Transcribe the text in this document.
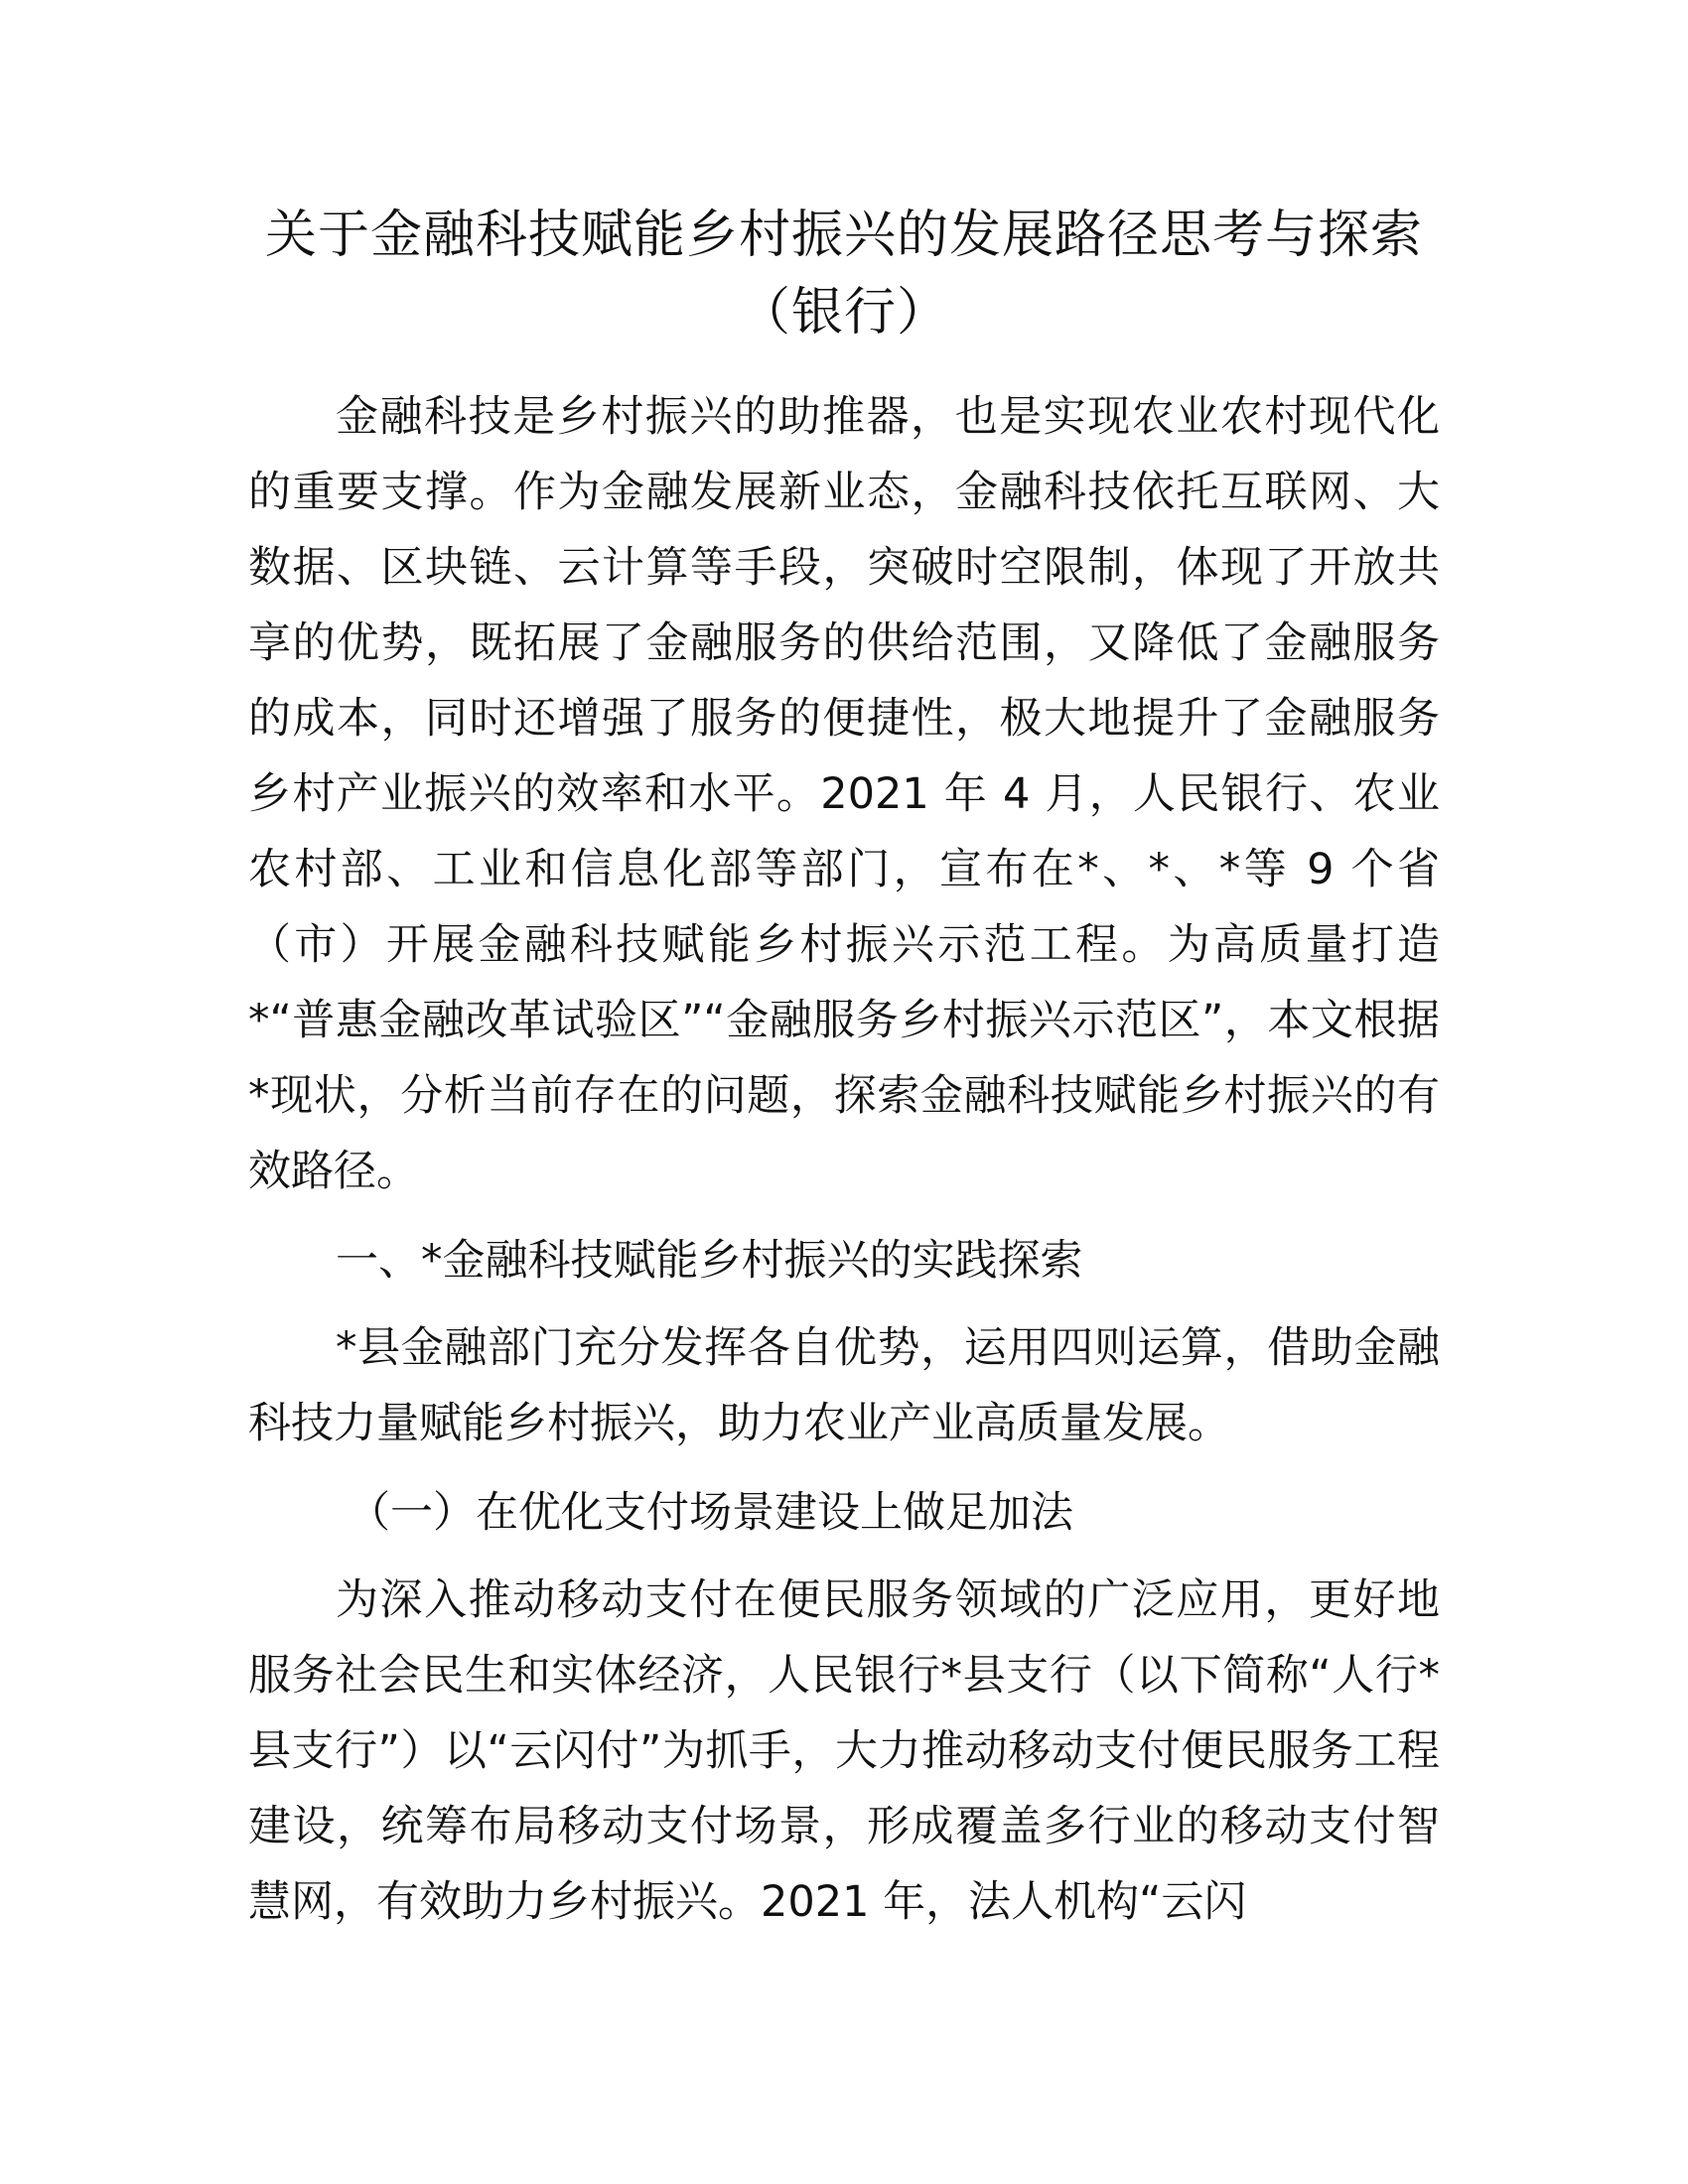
关于金融科技赋能乡村振兴的发展路径思考与探索（银行）

金融科技是乡村振兴的助推器，也是实现农业农村现代化的重要支撑。作为金融发展新业态，金融科技依托互联网、大数据、区块链、云计算等手段，突破时空限制，体现了开放共享的优势，既拓展了金融服务的供给范围，又降低了金融服务的成本，同时还增强了服务的便捷性，极大地提升了金融服务乡村产业振兴的效率和水平。2021 年 4 月，人民银行、农业农村部、工业和信息化部等部门，宣布在*、*、*等 9 个省（市）开展金融科技赋能乡村振兴示范工程。为高质量打造*“普惠金融改革试验区”“金融服务乡村振兴示范区”，本文根据*现状，分析当前存在的问题，探索金融科技赋能乡村振兴的有效路径。

一、*金融科技赋能乡村振兴的实践探索

*县金融部门充分发挥各自优势，运用四则运算，借助金融科技力量赋能乡村振兴，助力农业产业高质量发展。

（一）在优化支付场景建设上做足加法

为深入推动移动支付在便民服务领域的广泛应用，更好地服务社会民生和实体经济，人民银行*县支行（以下简称“人行*县支行”）以“云闪付”为抓手，大力推动移动支付便民服务工程建设，统筹布局移动支付场景，形成覆盖多行业的移动支付智慧网，有效助力乡村振兴。2021 年，法人机构“云闪
